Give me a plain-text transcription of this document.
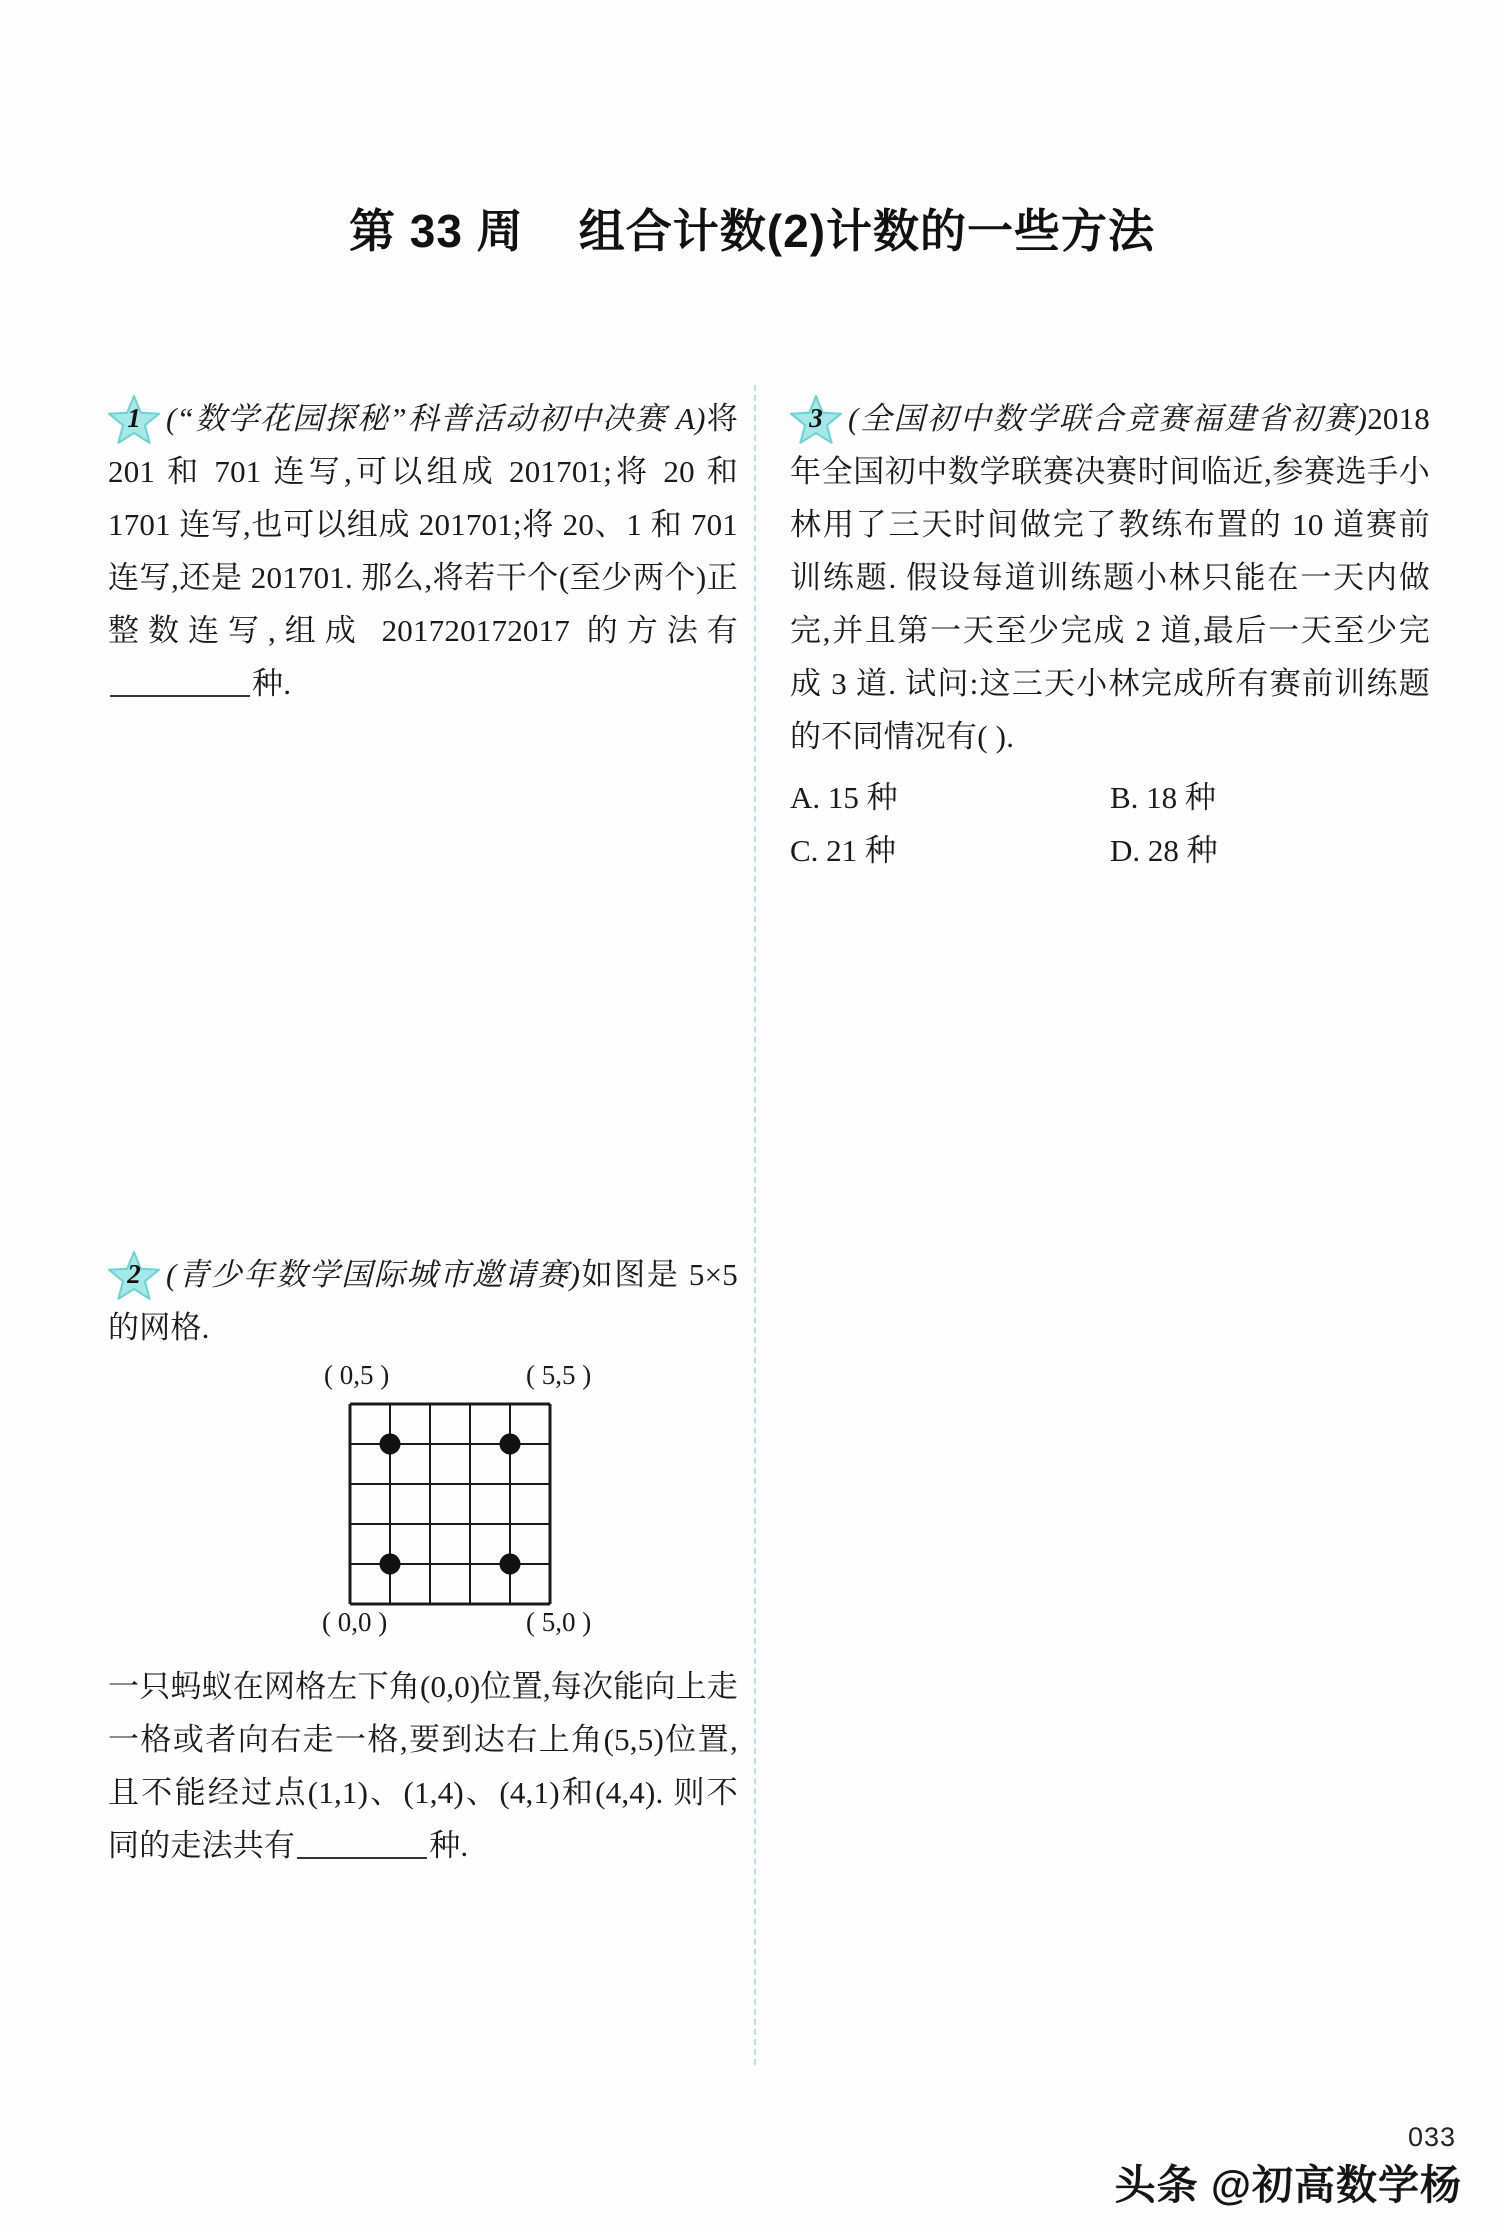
第 33 周    组合计数(2)计数的一些方法
1 (“数学花园探秘”科普活动初中决赛 A)将 201 和 701 连写,可以组成 201701;将 20 和 1701 连写,也可以组成 201701;将 20、1 和 701 连写,还是 201701. 那么,将若干个(至少两个)正整数连写,组成 201720172017 的方法有种.
2 (青少年数学国际城市邀请赛)如图是 5×5 的网格.
( 0,5 )	( 5,5 )
( 0,0 )	( 5,0 )
一只蚂蚁在网格左下角(0,0)位置,每次能向上走一格或者向右走一格,要到达右上角(5,5)位置,且不能经过点(1,1)、(1,4)、(4,1)和(4,4). 则不同的走法共有	种.
3 (全国初中数学联合竞赛福建省初赛)2018 年全国初中数学联赛决赛时间临近,参赛选手小林用了三天时间做完了教练布置的 10 道赛前训练题. 假设每道训练题小林只能在一天内做完,并且第一天至少完成 2 道,最后一天至少完成 3 道. 试问:这三天小林完成所有赛前训练题的不同情况有( ).
A. 15 种	B. 18 种
C. 21 种	D. 28 种
033
头条 @初高数学杨
